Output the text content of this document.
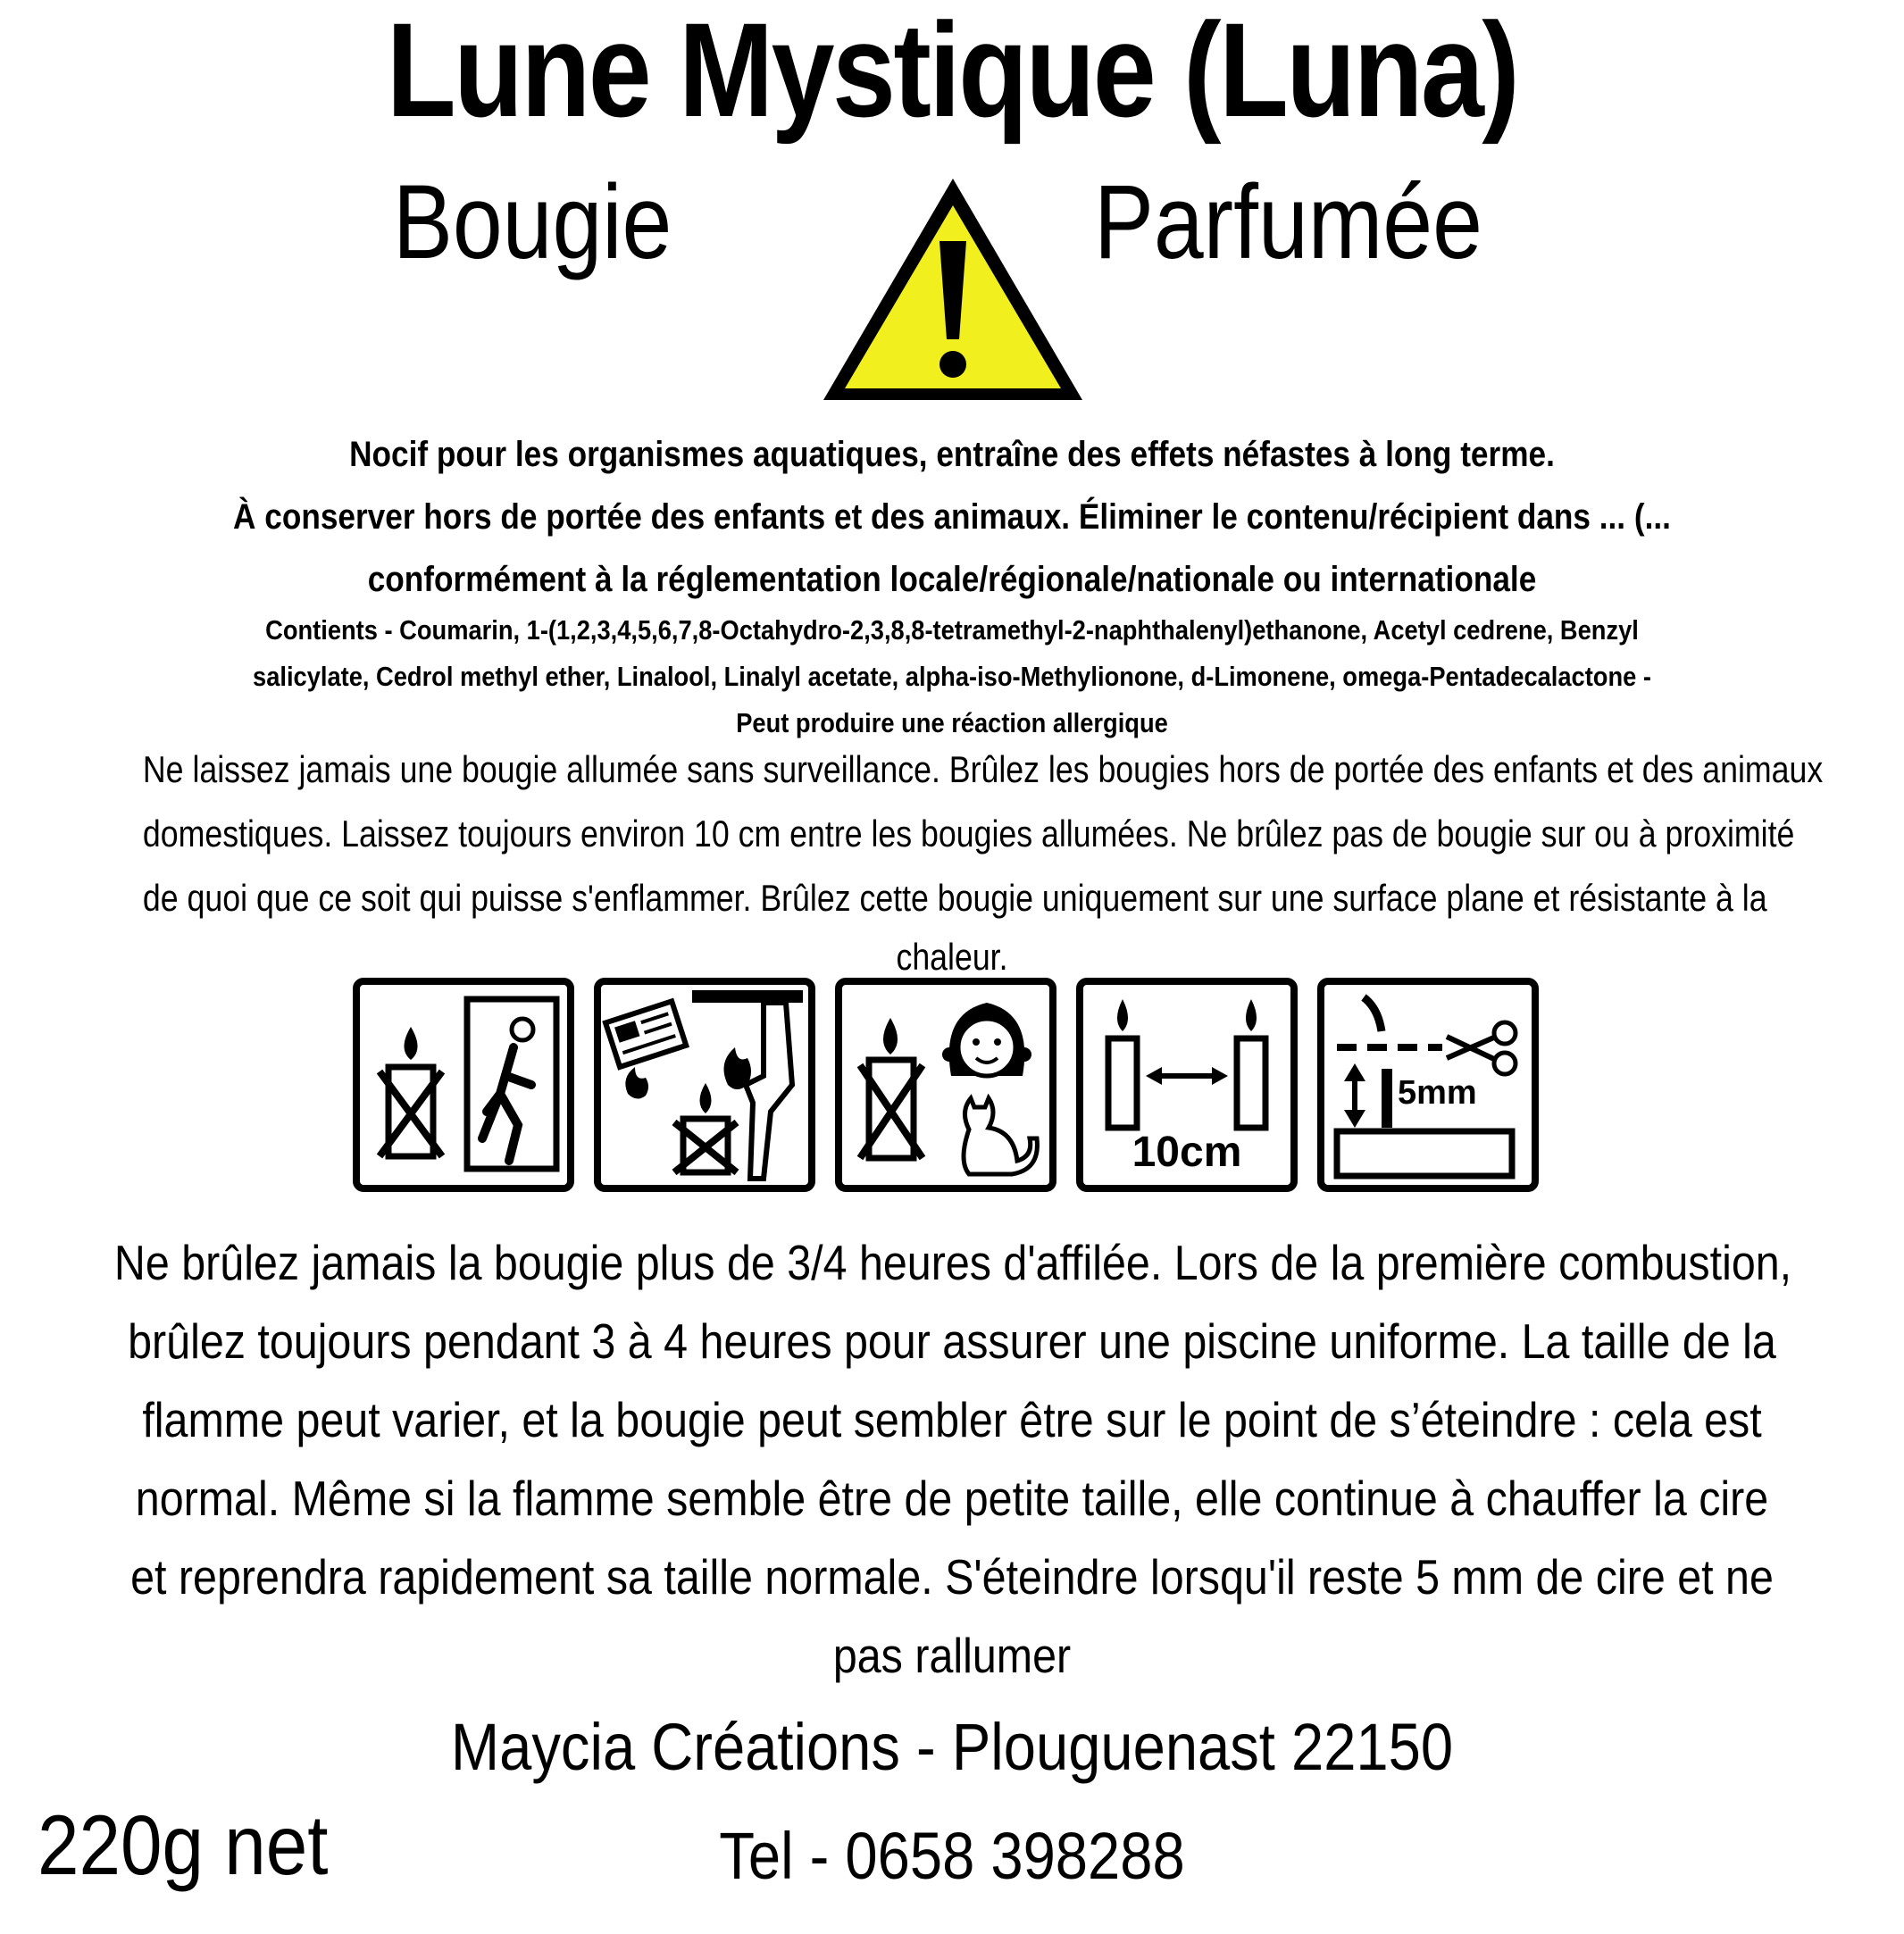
Lune Mystique (Luna)
Bougie	Parfumée
Nocif pour les organismes aquatiques, entraîne des effets néfastes à long terme.
À conserver hors de portée des enfants et des animaux. Éliminer le contenu/récipient dans ... (...
conformément à la réglementation locale/régionale/nationale ou internationale
Contients - Coumarin, 1-(1,2,3,4,5,6,7,8-Octahydro-2,3,8,8-tetramethyl-2-naphthalenyl)ethanone, Acetyl cedrene, Benzyl
salicylate, Cedrol methyl ether, Linalool, Linalyl acetate, alpha-iso-Methylionone, d-Limonene, omega-Pentadecalactone -
Peut produire une réaction allergique
Ne laissez jamais une bougie allumée sans surveillance. Brûlez les bougies hors de portée des enfants et des animaux
domestiques. Laissez toujours environ 10 cm entre les bougies allumées. Ne brûlez pas de bougie sur ou à proximité
de quoi que ce soit qui puisse s'enflammer. Brûlez cette bougie uniquement sur une surface plane et résistante à la
chaleur.
10cm
5mm
Ne brûlez jamais la bougie plus de 3/4 heures d'affilée. Lors de la première combustion,
brûlez toujours pendant 3 à 4 heures pour assurer une piscine uniforme. La taille de la
flamme peut varier, et la bougie peut sembler être sur le point de s’éteindre : cela est
normal. Même si la flamme semble être de petite taille, elle continue à chauffer la cire
et reprendra rapidement sa taille normale. S'éteindre lorsqu'il reste 5 mm de cire et ne
pas rallumer
Maycia Créations - Plouguenast 22150
Tel - 0658 398288
220g net
